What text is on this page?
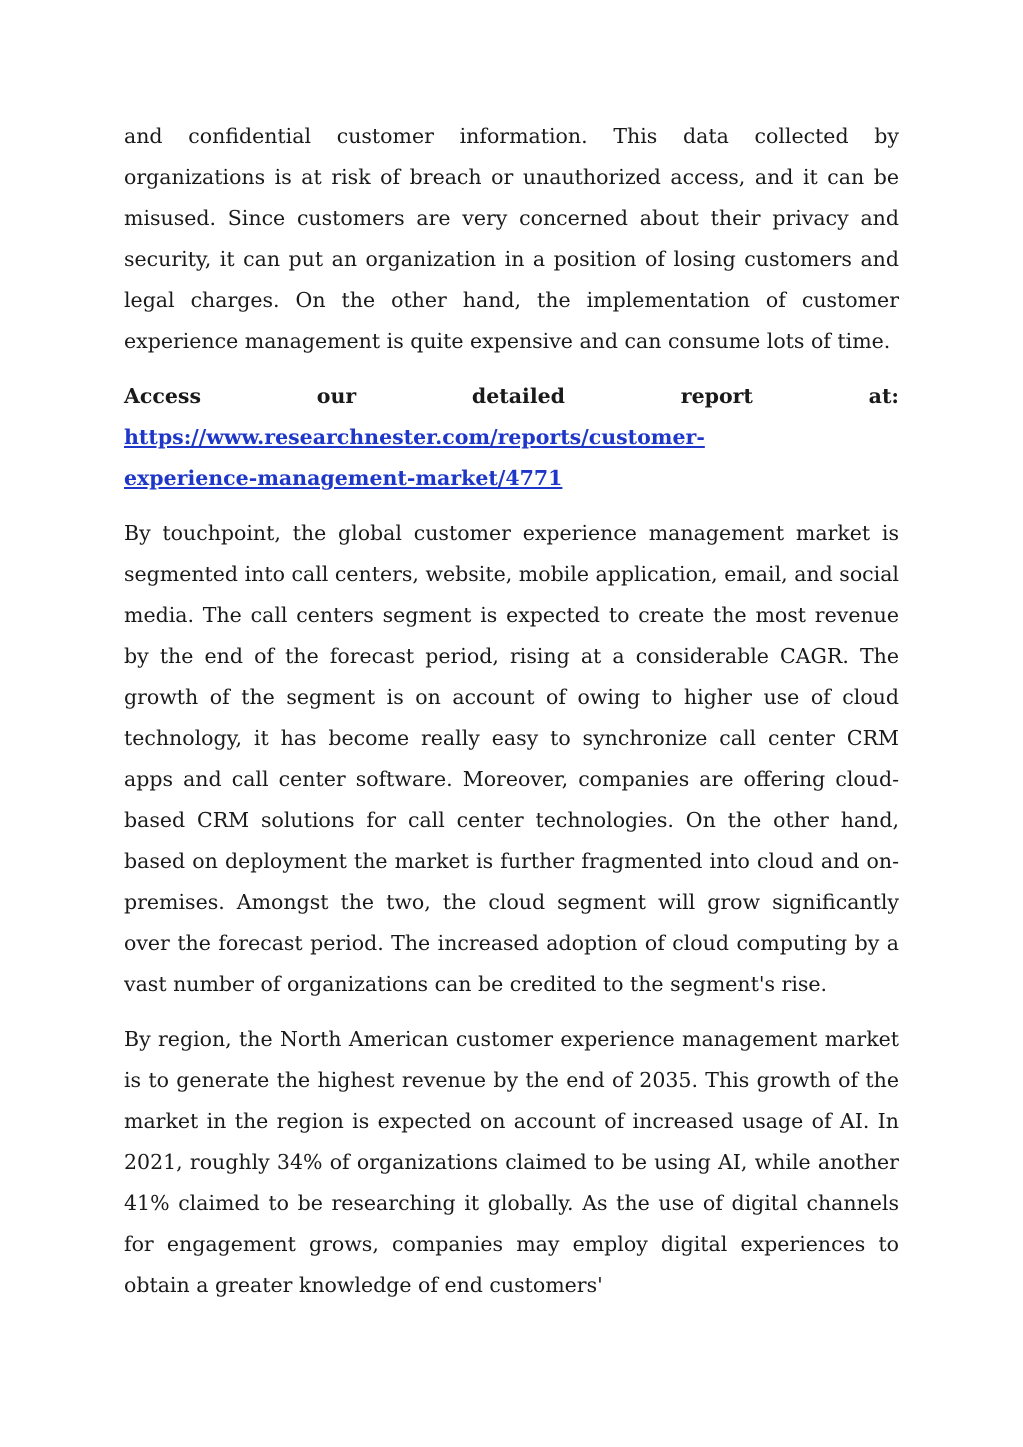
and confidential customer information. This data collected by organizations is at risk of breach or unauthorized access, and it can be misused. Since customers are very concerned about their privacy and security, it can put an organization in a position of losing customers and legal charges. On the other hand, the implementation of customer experience management is quite expensive and can consume lots of time.

Access	our	detailed	report	at:
https://www.researchnester.com/reports/customer-
experience-management-market/4771

By touchpoint, the global customer experience management market is segmented into call centers, website, mobile application, email, and social media. The call centers segment is expected to create the most revenue by the end of the forecast period, rising at a considerable CAGR. The growth of the segment is on account of owing to higher use of cloud technology, it has become really easy to synchronize call center CRM apps and call center software. Moreover, companies are offering cloud-based CRM solutions for call center technologies. On the other hand, based on deployment the market is further fragmented into cloud and on-premises. Amongst the two, the cloud segment will grow significantly over the forecast period. The increased adoption of cloud computing by a vast number of organizations can be credited to the segment's rise.

By region, the North American customer experience management market is to generate the highest revenue by the end of 2035. This growth of the market in the region is expected on account of increased usage of AI. In 2021, roughly 34% of organizations claimed to be using AI, while another 41% claimed to be researching it globally. As the use of digital channels for engagement grows, companies may employ digital experiences to obtain a greater knowledge of end customers'
